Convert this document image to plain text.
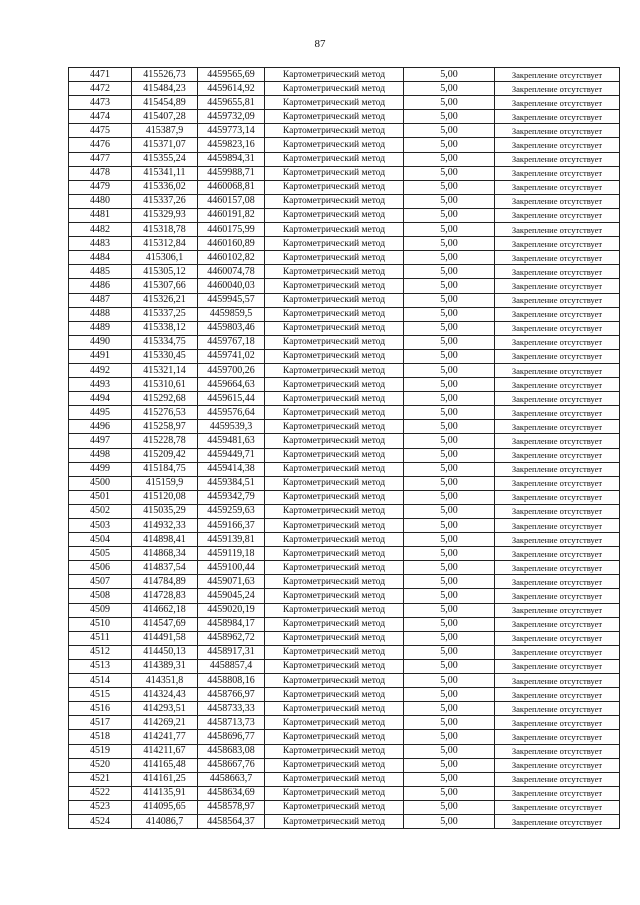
87
4471	415526,73	4459565,69	Картометрический метод	5,00	Закрепление отсутствует
4472	415484,23	4459614,92	Картометрический метод	5,00	Закрепление отсутствует
4473	415454,89	4459655,81	Картометрический метод	5,00	Закрепление отсутствует
4474	415407,28	4459732,09	Картометрический метод	5,00	Закрепление отсутствует
4475	415387,9	4459773,14	Картометрический метод	5,00	Закрепление отсутствует
4476	415371,07	4459823,16	Картометрический метод	5,00	Закрепление отсутствует
4477	415355,24	4459894,31	Картометрический метод	5,00	Закрепление отсутствует
4478	415341,11	4459988,71	Картометрический метод	5,00	Закрепление отсутствует
4479	415336,02	4460068,81	Картометрический метод	5,00	Закрепление отсутствует
4480	415337,26	4460157,08	Картометрический метод	5,00	Закрепление отсутствует
4481	415329,93	4460191,82	Картометрический метод	5,00	Закрепление отсутствует
4482	415318,78	4460175,99	Картометрический метод	5,00	Закрепление отсутствует
4483	415312,84	4460160,89	Картометрический метод	5,00	Закрепление отсутствует
4484	415306,1	4460102,82	Картометрический метод	5,00	Закрепление отсутствует
4485	415305,12	4460074,78	Картометрический метод	5,00	Закрепление отсутствует
4486	415307,66	4460040,03	Картометрический метод	5,00	Закрепление отсутствует
4487	415326,21	4459945,57	Картометрический метод	5,00	Закрепление отсутствует
4488	415337,25	4459859,5	Картометрический метод	5,00	Закрепление отсутствует
4489	415338,12	4459803,46	Картометрический метод	5,00	Закрепление отсутствует
4490	415334,75	4459767,18	Картометрический метод	5,00	Закрепление отсутствует
4491	415330,45	4459741,02	Картометрический метод	5,00	Закрепление отсутствует
4492	415321,14	4459700,26	Картометрический метод	5,00	Закрепление отсутствует
4493	415310,61	4459664,63	Картометрический метод	5,00	Закрепление отсутствует
4494	415292,68	4459615,44	Картометрический метод	5,00	Закрепление отсутствует
4495	415276,53	4459576,64	Картометрический метод	5,00	Закрепление отсутствует
4496	415258,97	4459539,3	Картометрический метод	5,00	Закрепление отсутствует
4497	415228,78	4459481,63	Картометрический метод	5,00	Закрепление отсутствует
4498	415209,42	4459449,71	Картометрический метод	5,00	Закрепление отсутствует
4499	415184,75	4459414,38	Картометрический метод	5,00	Закрепление отсутствует
4500	415159,9	4459384,51	Картометрический метод	5,00	Закрепление отсутствует
4501	415120,08	4459342,79	Картометрический метод	5,00	Закрепление отсутствует
4502	415035,29	4459259,63	Картометрический метод	5,00	Закрепление отсутствует
4503	414932,33	4459166,37	Картометрический метод	5,00	Закрепление отсутствует
4504	414898,41	4459139,81	Картометрический метод	5,00	Закрепление отсутствует
4505	414868,34	4459119,18	Картометрический метод	5,00	Закрепление отсутствует
4506	414837,54	4459100,44	Картометрический метод	5,00	Закрепление отсутствует
4507	414784,89	4459071,63	Картометрический метод	5,00	Закрепление отсутствует
4508	414728,83	4459045,24	Картометрический метод	5,00	Закрепление отсутствует
4509	414662,18	4459020,19	Картометрический метод	5,00	Закрепление отсутствует
4510	414547,69	4458984,17	Картометрический метод	5,00	Закрепление отсутствует
4511	414491,58	4458962,72	Картометрический метод	5,00	Закрепление отсутствует
4512	414450,13	4458917,31	Картометрический метод	5,00	Закрепление отсутствует
4513	414389,31	4458857,4	Картометрический метод	5,00	Закрепление отсутствует
4514	414351,8	4458808,16	Картометрический метод	5,00	Закрепление отсутствует
4515	414324,43	4458766,97	Картометрический метод	5,00	Закрепление отсутствует
4516	414293,51	4458733,33	Картометрический метод	5,00	Закрепление отсутствует
4517	414269,21	4458713,73	Картометрический метод	5,00	Закрепление отсутствует
4518	414241,77	4458696,77	Картометрический метод	5,00	Закрепление отсутствует
4519	414211,67	4458683,08	Картометрический метод	5,00	Закрепление отсутствует
4520	414165,48	4458667,76	Картометрический метод	5,00	Закрепление отсутствует
4521	414161,25	4458663,7	Картометрический метод	5,00	Закрепление отсутствует
4522	414135,91	4458634,69	Картометрический метод	5,00	Закрепление отсутствует
4523	414095,65	4458578,97	Картометрический метод	5,00	Закрепление отсутствует
4524	414086,7	4458564,37	Картометрический метод	5,00	Закрепление отсутствует
